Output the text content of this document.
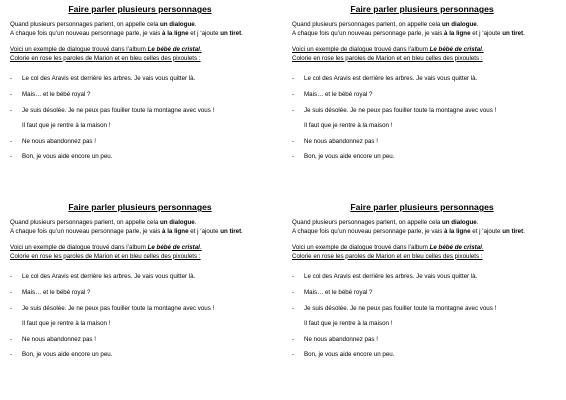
Faire parler plusieurs personnages
Quand plusieurs personnages parlent, on appelle cela un dialogue.
A chaque fois qu’un nouveau personnage parle, je vais à la ligne et j ‘ajoute un tiret.

Voici un exemple de dialogue trouvé dans l’album Le bébé de cristal.

Colorie en rose les paroles de Marion et en bleu celles des pixoulets :

- Le col des Aravis est derrière les arbres. Je vais vous quitter là.
- Mais… et le bébé royal ?
- Je suis désolée. Je ne peux pas fouiller toute la montagne avec vous !
Il faut que je rentre à la maison !
- Ne nous abandonnez pas !
- Bon, je vous aide encore un peu.
Faire parler plusieurs personnages
Quand plusieurs personnages parlent, on appelle cela un dialogue.
A chaque fois qu’un nouveau personnage parle, je vais à la ligne et j ‘ajoute un tiret.

Voici un exemple de dialogue trouvé dans l’album Le bébé de cristal.

Colorie en rose les paroles de Marion et en bleu celles des pixoulets :

- Le col des Aravis est derrière les arbres. Je vais vous quitter là.
- Mais… et le bébé royal ?
- Je suis désolée. Je ne peux pas fouiller toute la montagne avec vous !
Il faut que je rentre à la maison !
- Ne nous abandonnez pas !
- Bon, je vous aide encore un peu.
Faire parler plusieurs personnages
Quand plusieurs personnages parlent, on appelle cela un dialogue.
A chaque fois qu’un nouveau personnage parle, je vais à la ligne et j ‘ajoute un tiret.

Voici un exemple de dialogue trouvé dans l’album Le bébé de cristal.

Colorie en rose les paroles de Marion et en bleu celles des pixoulets :

- Le col des Aravis est derrière les arbres. Je vais vous quitter là.
- Mais… et le bébé royal ?
- Je suis désolée. Je ne peux pas fouiller toute la montagne avec vous !
Il faut que je rentre à la maison !
- Ne nous abandonnez pas !
- Bon, je vous aide encore un peu.
Faire parler plusieurs personnages
Quand plusieurs personnages parlent, on appelle cela un dialogue.
A chaque fois qu’un nouveau personnage parle, je vais à la ligne et j ‘ajoute un tiret.

Voici un exemple de dialogue trouvé dans l’album Le bébé de cristal.

Colorie en rose les paroles de Marion et en bleu celles des pixoulets :

- Le col des Aravis est derrière les arbres. Je vais vous quitter là.
- Mais… et le bébé royal ?
- Je suis désolée. Je ne peux pas fouiller toute la montagne avec vous !
Il faut que je rentre à la maison !
- Ne nous abandonnez pas !
- Bon, je vous aide encore un peu.
